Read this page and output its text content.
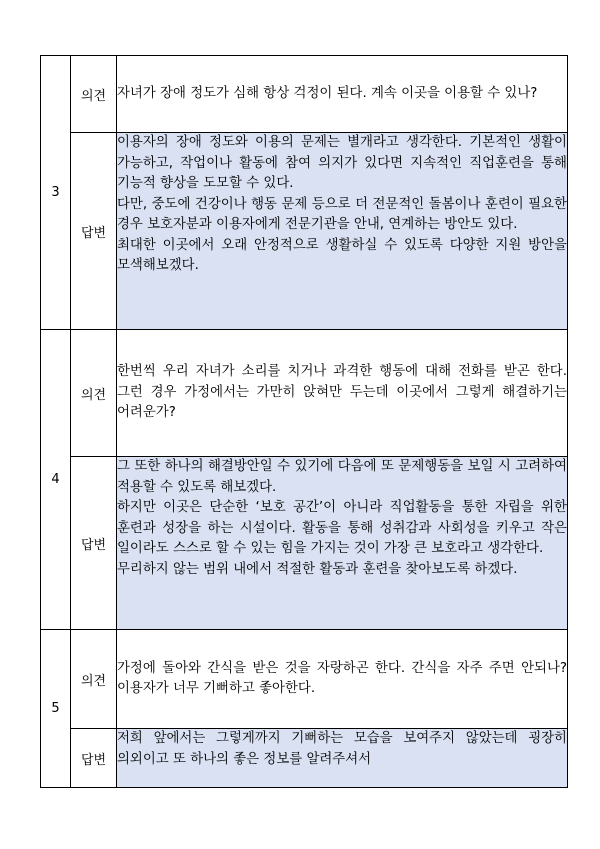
3	의견	자녀가 장애 정도가 심해 항상 걱정이 된다. 계속 이곳을 이용할 수 있나?

	답변	이용자의 장애 정도와 이용의 문제는 별개라고 생각한다. 기본적인 생활이 가능하고, 작업이나 활동에 참여 의지가 있다면 지속적인 직업훈련을 통해 기능적 향상을 도모할 수 있다.

다만, 중도에 건강이나 행동 문제 등으로 더 전문적인 돌봄이나 훈련이 필요한 경우 보호자분과 이용자에게 전문기관을 안내, 연계하는 방안도 있다.

최대한 이곳에서 오래 안정적으로 생활하실 수 있도록 다양한 지원 방안을 모색해보겠다.

4	의견	한번씩 우리 자녀가 소리를 치거나 과격한 행동에 대해 전화를 받곤 한다. 그런 경우 가정에서는 가만히 앉혀만 두는데 이곳에서 그렇게 해결하기는 어려운가?

	답변	그 또한 하나의 해결방안일 수 있기에 다음에 또 문제행동을 보일 시 고려하여 적용할 수 있도록 해보겠다.

하지만 이곳은 단순한 ‘보호 공간’이 아니라 직업활동을 통한 자립을 위한 훈련과 성장을 하는 시설이다. 활동을 통해 성취감과 사회성을 키우고 작은 일이라도 스스로 할 수 있는 힘을 가지는 것이 가장 큰 보호라고 생각한다.

무리하지 않는 범위 내에서 적절한 활동과 훈련을 찾아보도록 하겠다.

5	의견	가정에 돌아와 간식을 받은 것을 자랑하곤 한다. 간식을 자주 주면 안되나? 이용자가 너무 기뻐하고 좋아한다.

	답변	저희 앞에서는 그렇게까지 기뻐하는 모습을 보여주지 않았는데 굉장히 의외이고 또 하나의 좋은 정보를 알려주셔서
